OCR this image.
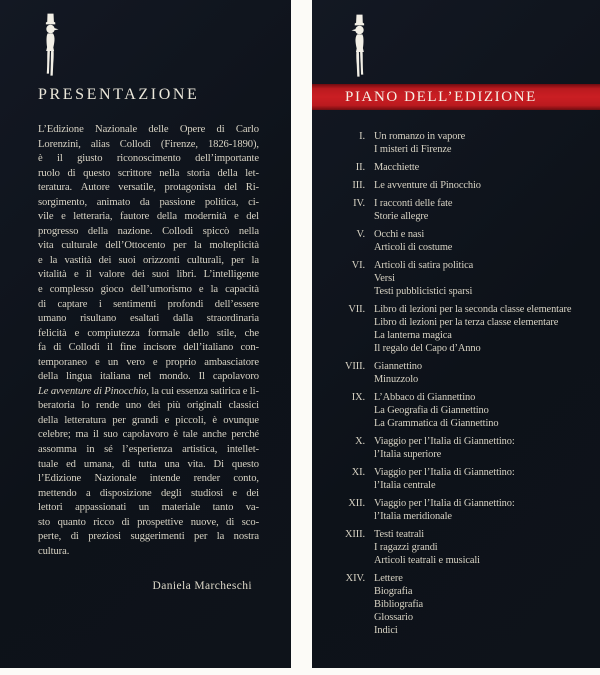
PRESENTAZIONE
L’Edizione Nazionale delle Opere di Carlo
Lorenzini, alias Collodi (Firenze, 1826-1890),
è il giusto riconoscimento dell’importante
ruolo di questo scrittore nella storia della let-
teratura. Autore versatile, protagonista del Ri-
sorgimento, animato da passione politica, ci-
vile e letteraria, fautore della modernità e del
progresso della nazione. Collodi spiccò nella
vita culturale dell’Ottocento per la molteplicità
e la vastità dei suoi orizzonti culturali, per la
vitalità e il valore dei suoi libri. L’intelligente
e complesso gioco dell’umorismo e la capacità
di captare i sentimenti profondi dell’essere
umano risultano esaltati dalla straordinaria
felicità e compiutezza formale dello stile, che
fa di Collodi il fine incisore dell’italiano con-
temporaneo e un vero e proprio ambasciatore
della lingua italiana nel mondo. Il capolavoro
Le avventure di Pinocchio, la cui essenza satirica e li-
beratoria lo rende uno dei più originali classici
della letteratura per grandi e piccoli, è ovunque
celebre; ma il suo capolavoro è tale anche perché
assomma in sé l’esperienza artistica, intellet-
tuale ed umana, di tutta una vita. Di questo
l’Edizione Nazionale intende render conto,
mettendo a disposizione degli studiosi e dei
lettori appassionati un materiale tanto va-
sto quanto ricco di prospettive nuove, di sco-
perte, di preziosi suggerimenti per la nostra
cultura.
Daniela Marcheschi
PIANO DELL’EDIZIONE
I. Un romanzo in vapore
I misteri di Firenze
II. Macchiette
III. Le avventure di Pinocchio
IV. I racconti delle fate
Storie allegre
V. Occhi e nasi
Articoli di costume
VI. Articoli di satira politica
Versi
Testi pubblicistici sparsi
VII. Libro di lezioni per la seconda classe elementare
Libro di lezioni per la terza classe elementare
La lanterna magica
Il regalo del Capo d’Anno
VIII. Giannettino
Minuzzolo
IX. L’Abbaco di Giannettino
La Geografia di Giannettino
La Grammatica di Giannettino
X. Viaggio per l’Italia di Giannettino:
l’Italia superiore
XI. Viaggio per l’Italia di Giannettino:
l’Italia centrale
XII. Viaggio per l’Italia di Giannettino:
l’Italia meridionale
XIII. Testi teatrali
I ragazzi grandi
Articoli teatrali e musicali
XIV. Lettere
Biografia
Bibliografia
Glossario
Indici
